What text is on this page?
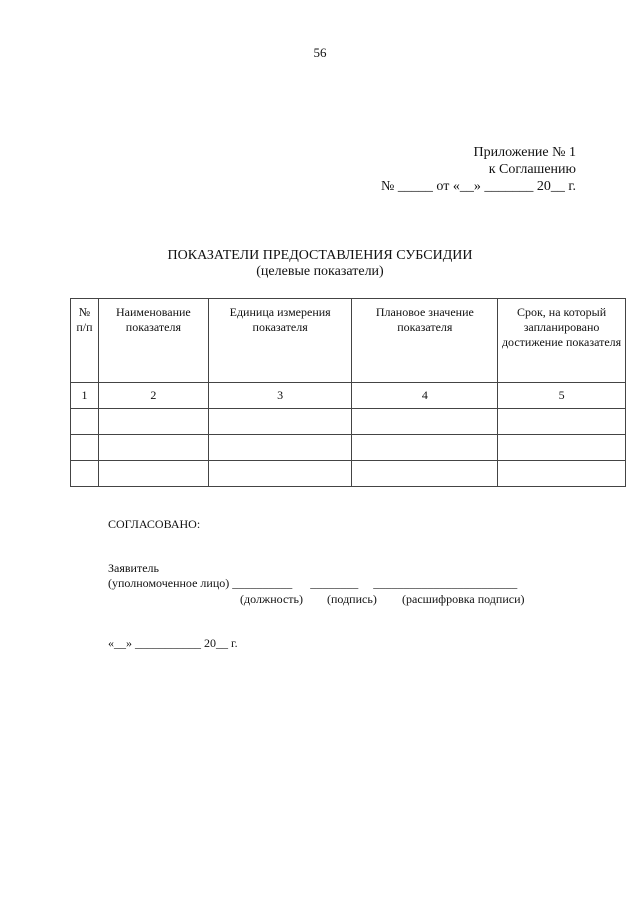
56
Приложение № 1
к Соглашению
№ _____ от «__» _______ 20__ г.
ПОКАЗАТЕЛИ ПРЕДОСТАВЛЕНИЯ СУБСИДИИ
(целевые показатели)
№ п/п	Наименование показателя	Единица измерения показателя	Плановое значение показателя	Срок, на который запланировано достижение показателя
1	2	3	4	5

СОГЛАСОВАНО:
Заявитель
(уполномоченное лицо) __________      ________     ________________________
(должность) (подпись) (расшифровка подписи)
«__» ___________ 20__ г.
